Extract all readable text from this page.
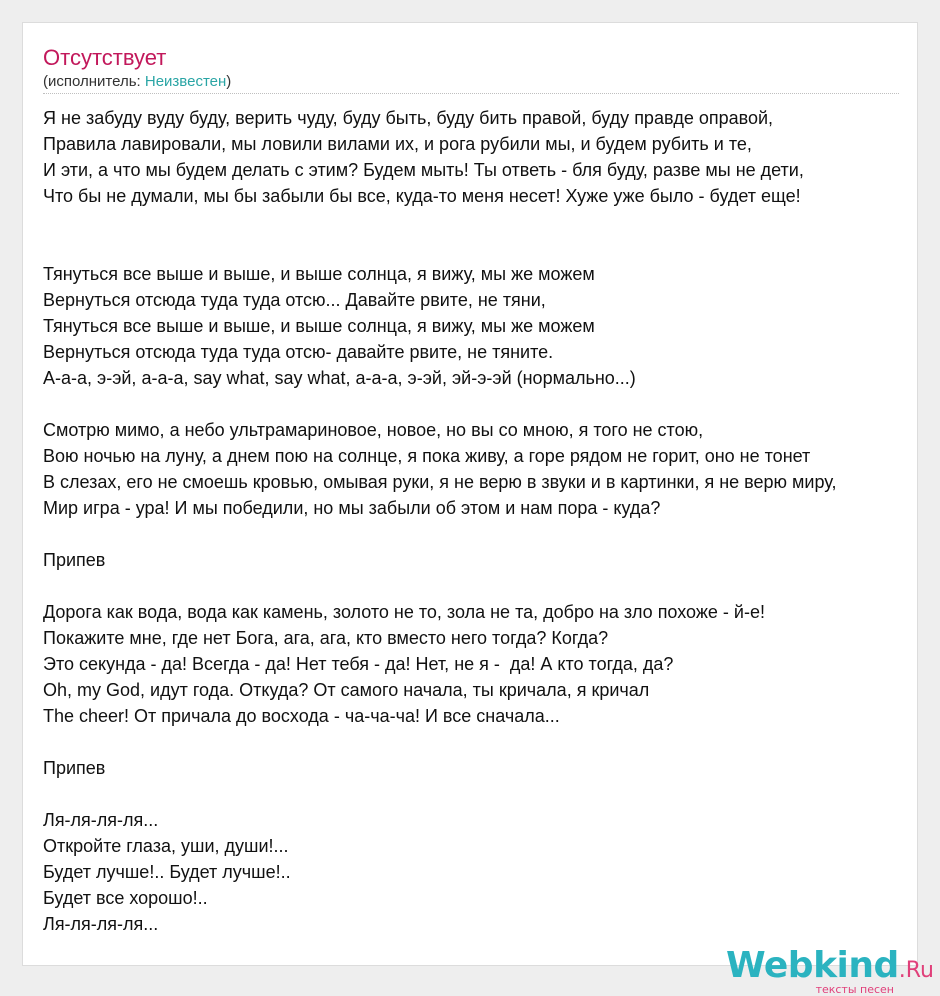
Отсутствует
(исполнитель: Неизвестен)
Я не забуду вуду буду, верить чуду, буду быть, буду бить правой, буду правде оправой,
Правила лавировали, мы ловили вилами их, и рога рубили мы, и будем рубить и те,
И эти, а что мы будем делать с этим? Будем мыть! Ты ответь - бля буду, разве мы не дети,
Что бы не думали, мы бы забыли бы все, куда-то меня несет! Хуже уже было - будет еще!
Тянуться все выше и выше, и выше солнца, я вижу, мы же можем
Вернуться отсюда туда туда отсю... Давайте рвите, не тяни,
Тянуться все выше и выше, и выше солнца, я вижу, мы же можем
Вернуться отсюда туда туда отсю- давайте рвите, не тяните.
А-а-а, э-эй, а-а-а, say what, say what, а-а-а, э-эй, эй-э-эй (нормально...)
Смотрю мимо, а небо ультрамариновое, новое, но вы со мною, я того не стою,
Вою ночью на луну, а днем пою на солнце, я пока живу, а горе рядом не горит, оно не тонет
В слезах, его не смоешь кровью, омывая руки, я не верю в звуки и в картинки, я не верю миру,
Мир игра - ура! И мы победили, но мы забыли об этом и нам пора - куда?
Припев
Дорога как вода, вода как камень, золото не то, зола не та, добро на зло похоже - й-е!
Покажите мне, где нет Бога, ага, ага, кто вместо него тогда? Когда?
Это секунда - да! Всегда - да! Нет тебя - да! Нет, не я -  да! А кто тогда, да?
Oh, my God, идут года. Откуда? От самого начала, ты кричала, я кричал
The cheer! От причала до восхода - ча-ча-ча! И все сначала...
Припев
Ля-ля-ля-ля...
Откройте глаза, уши, души!...
Будет лучше!.. Будет лучше!..
Будет все хорошо!..
Ля-ля-ля-ля...
Webkind.Ru
тексты песен
